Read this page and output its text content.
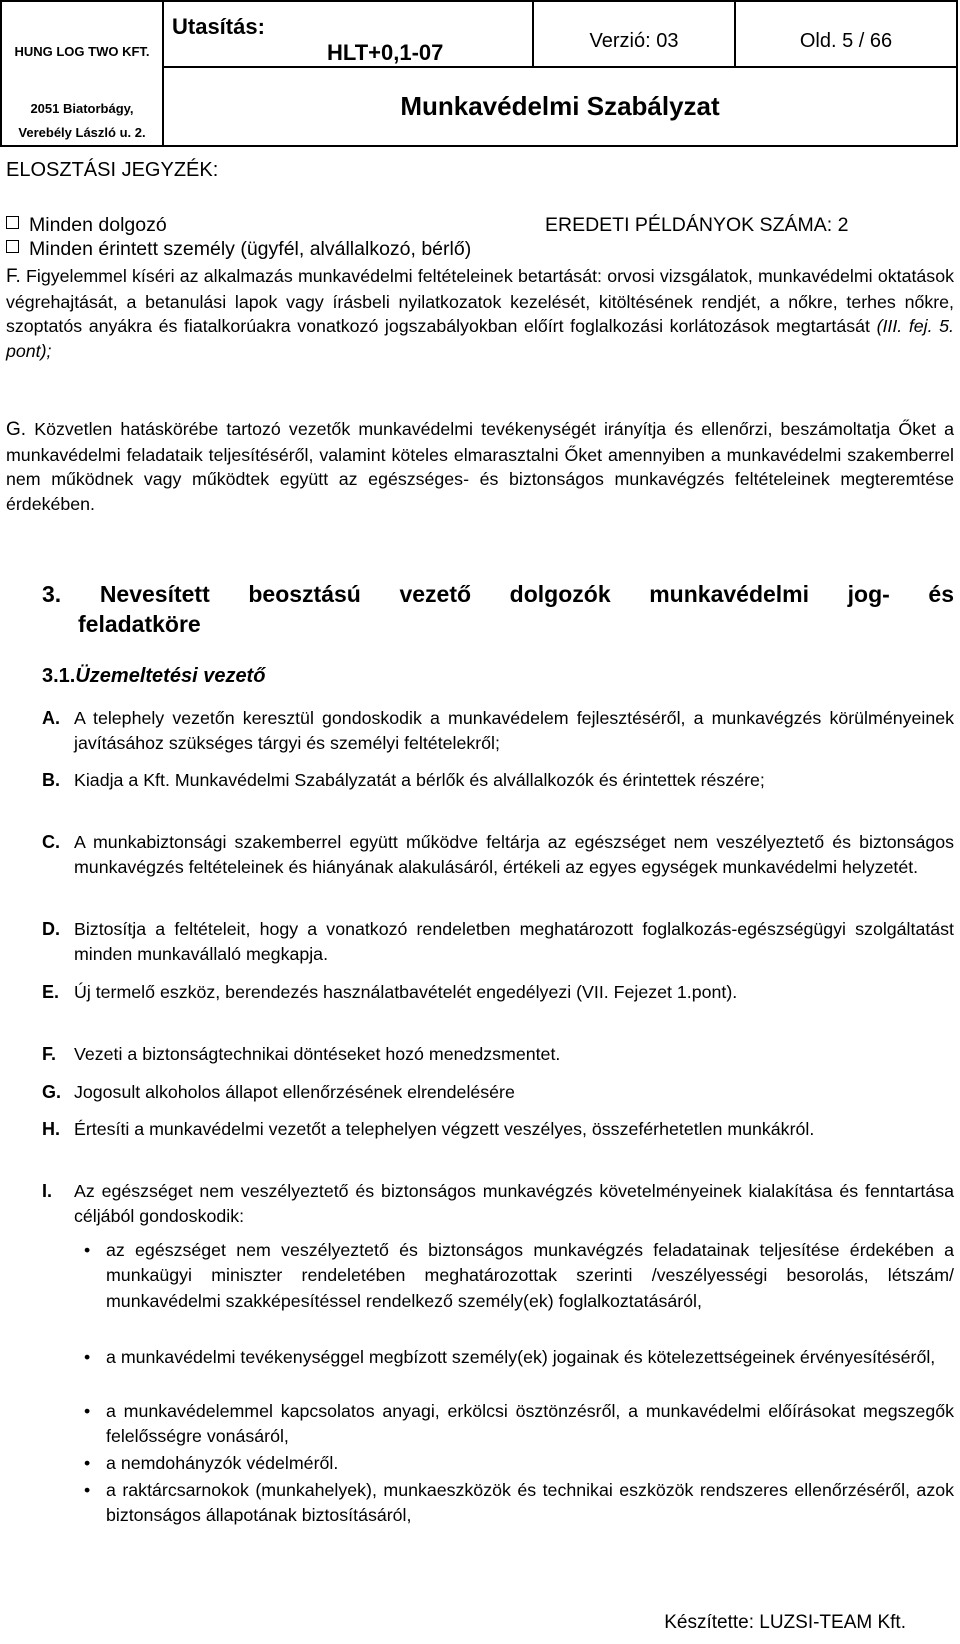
HUNG LOG TWO KFT.
2051 Biatorbágy,
Verebély László u. 2.

Utasítás:

HLT+0,1-07	Verzió: 03	Old. 5 / 66

Munkavédelmi Szabályzat
ELOSZTÁSI JEGYZÉK:
Minden dolgozó	EREDETI PÉLDÁNYOK SZÁMA: 2
Minden érintett személy (ügyfél, alvállalkozó, bérlő)

F. Figyelemmel kíséri az alkalmazás munkavédelmi feltételeinek betartását: orvosi vizsgálatok, munkavédelmi oktatások végrehajtását, a betanulási lapok vagy írásbeli nyilatkozatok kezelését, kitöltésének rendjét, a nőkre, terhes nőkre, szoptatós anyákra és fiatalkorúakra vonatkozó jogszabályokban előírt foglalkozási korlátozások megtartását (III. fej. 5. pont);

G. Közvetlen hatáskörébe tartozó vezetők munkavédelmi tevékenységét irányítja és ellenőrzi, beszámoltatja Őket a munkavédelmi feladataik teljesítéséről, valamint köteles elmarasztalni Őket amennyiben a munkavédelmi szakemberrel nem működnek vagy működtek együtt az egészséges- és biztonságos munkavégzés feltételeinek megteremtése érdekében.

3. Nevesített beosztású vezető dolgozók munkavédelmi jog- és
feladatköre
3.1.Üzemeltetési vezető
A. A telephely vezetőn keresztül gondoskodik a munkavédelem fejlesztéséről, a munkavégzés körülményeinek javításához szükséges tárgyi és személyi feltételekről;
B. Kiadja a Kft. Munkavédelmi Szabályzatát a bérlők és alvállalkozók és érintettek részére;
C. A munkabiztonsági szakemberrel együtt működve feltárja az egészséget nem veszélyeztető és biztonságos munkavégzés feltételeinek és hiányának alakulásáról, értékeli az egyes egységek munkavédelmi helyzetét.
D. Biztosítja a feltételeit, hogy a vonatkozó rendeletben meghatározott foglalkozás-egészségügyi szolgáltatást minden munkavállaló megkapja.
E. Új termelő eszköz, berendezés használatbavételét engedélyezi (VII. Fejezet 1.pont).
F. Vezeti a biztonságtechnikai döntéseket hozó menedzsmentet.
G. Jogosult alkoholos állapot ellenőrzésének elrendelésére
H. Értesíti a munkavédelmi vezetőt a telephelyen végzett veszélyes, összeférhetetlen munkákról.
I. Az egészséget nem veszélyeztető és biztonságos munkavégzés követelményeinek kialakítása és fenntartása céljából gondoskodik:
• az egészséget nem veszélyeztető és biztonságos munkavégzés feladatainak teljesítése érdekében a munkaügyi miniszter rendeletében meghatározottak szerinti /veszélyességi besorolás, létszám/ munkavédelmi szakképesítéssel rendelkező személy(ek) foglalkoztatásáról,
• a munkavédelmi tevékenységgel megbízott személy(ek) jogainak és kötelezettségeinek érvényesítéséről,
• a munkavédelemmel kapcsolatos anyagi, erkölcsi ösztönzésről, a munkavédelmi előírásokat megszegők felelősségre vonásáról,
• a nemdohányzók védelméről.
• a raktárcsarnokok (munkahelyek), munkaeszközök és technikai eszközök rendszeres ellenőrzéséről, azok biztonságos állapotának biztosításáról,
Készítette: LUZSI-TEAM Kft.
